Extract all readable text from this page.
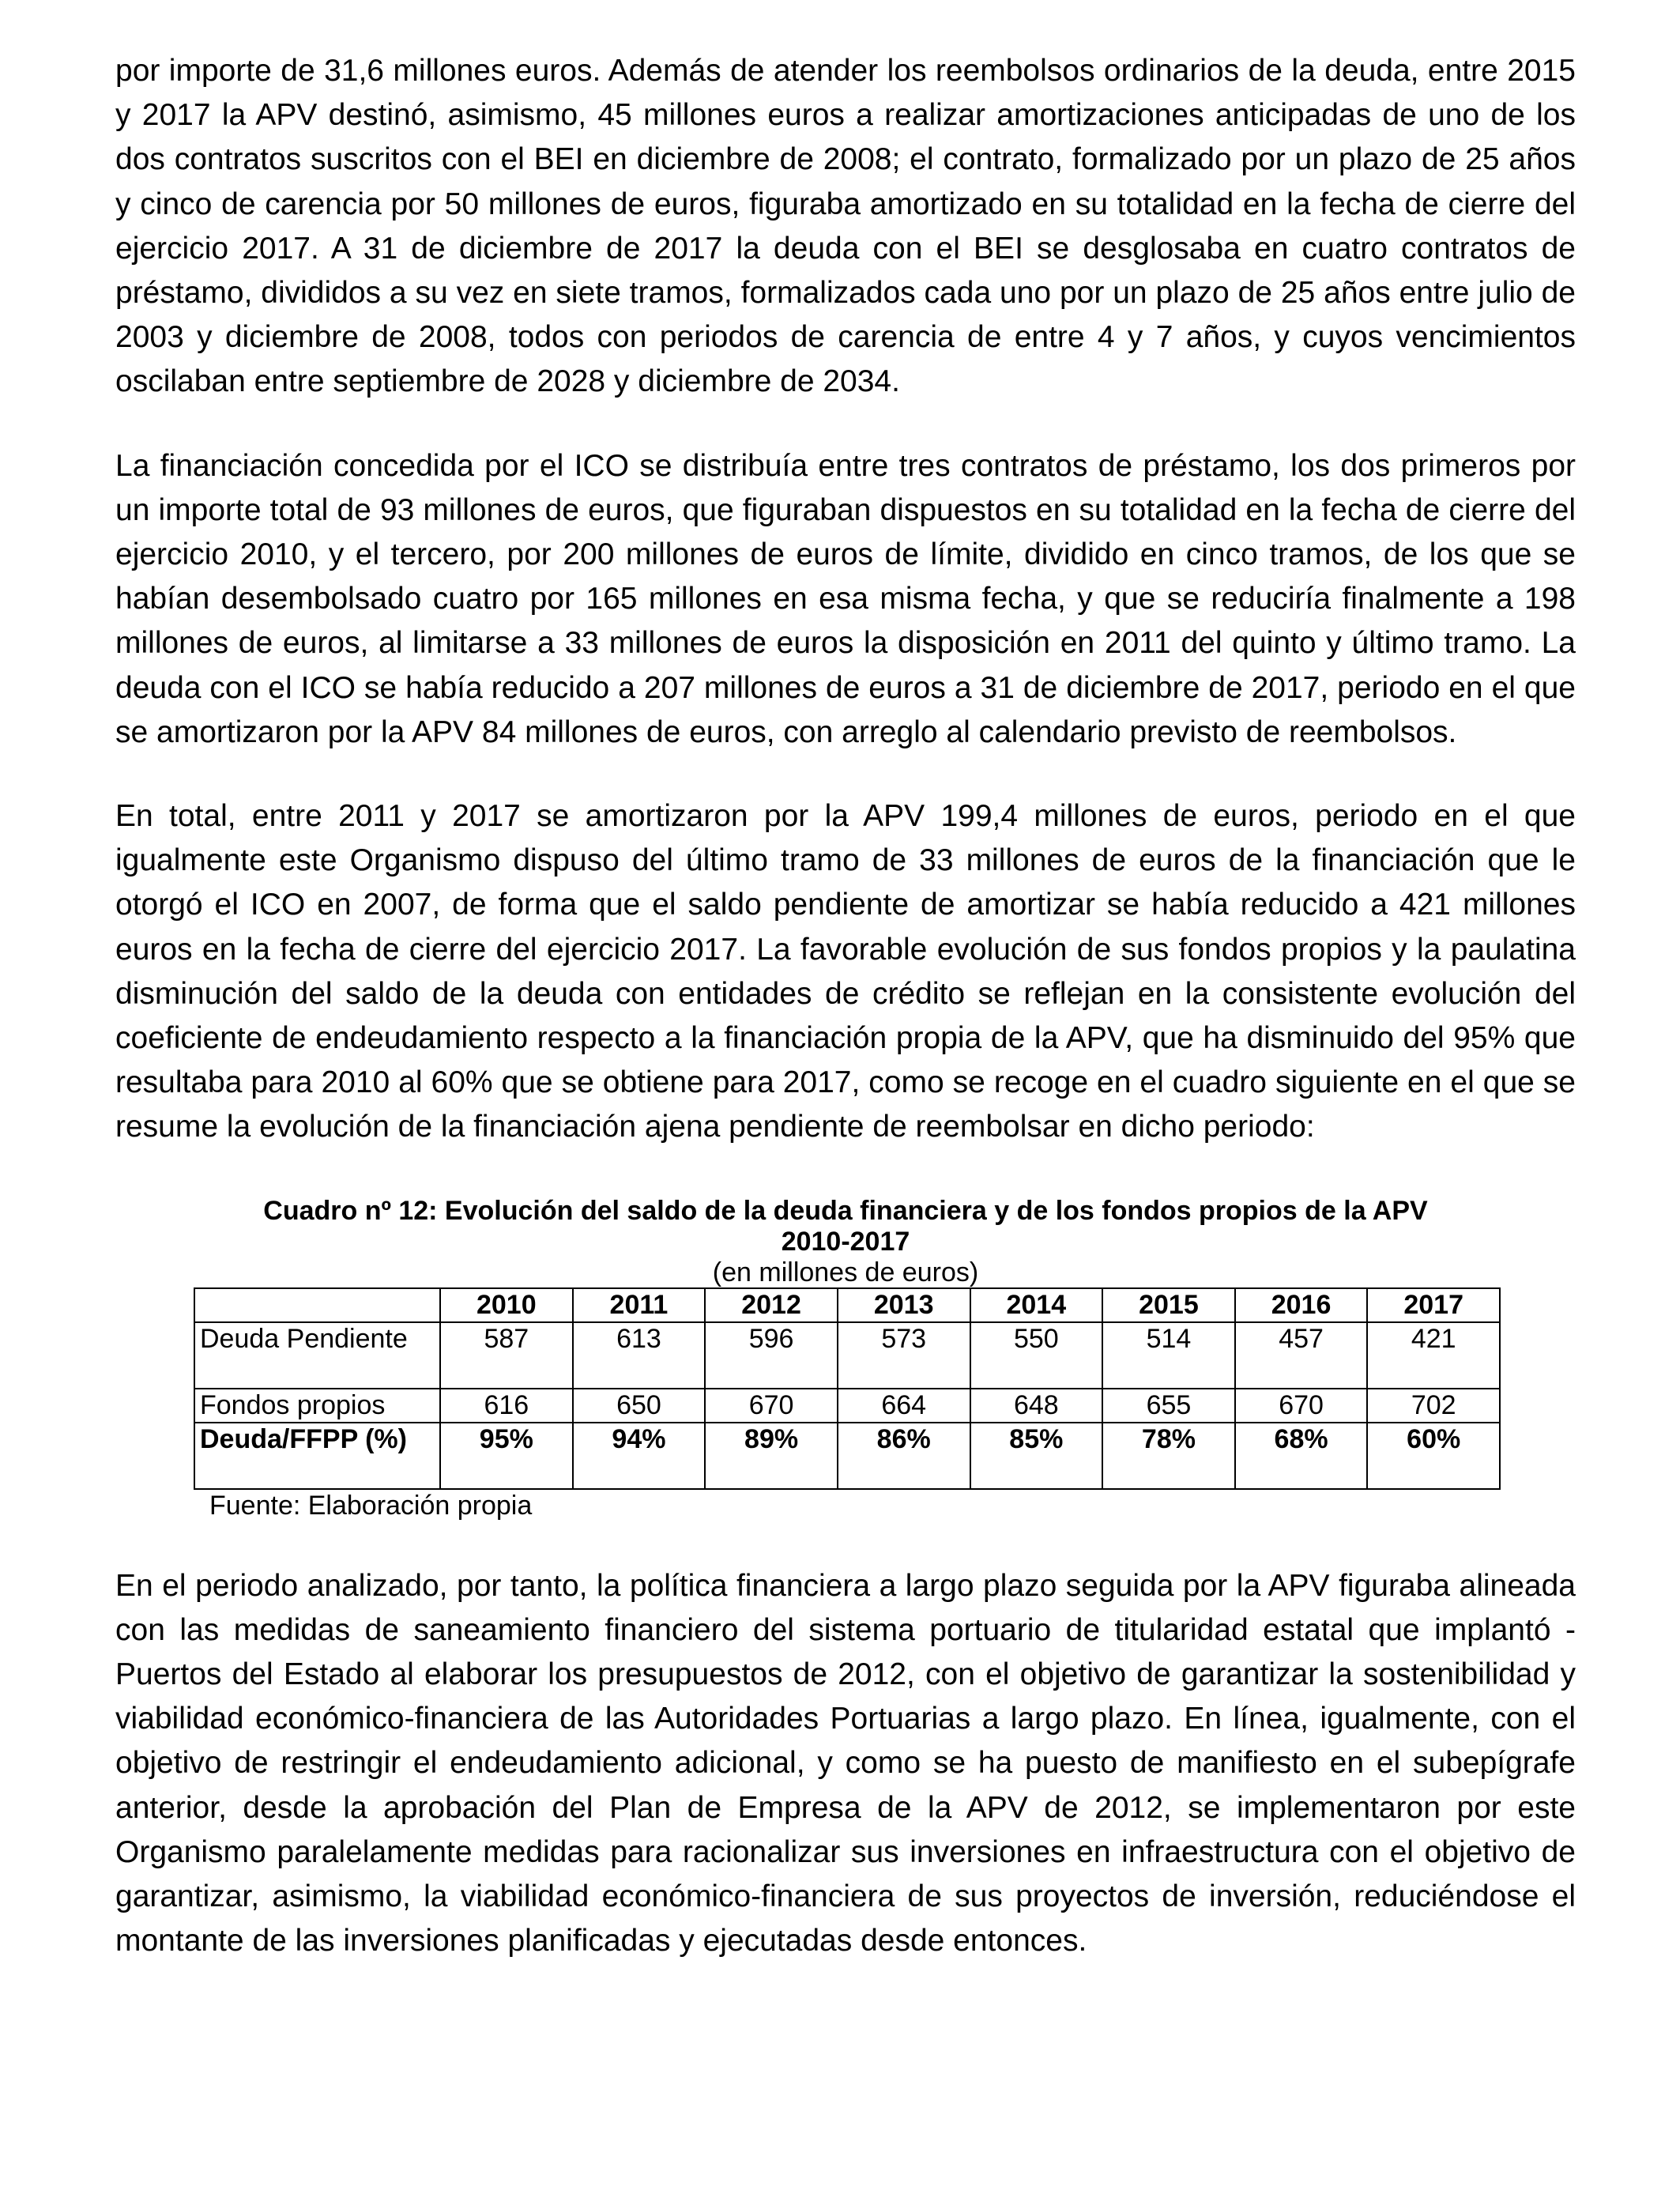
por importe de 31,6 millones euros. Además de atender los reembolsos ordinarios de la deuda, entre 2015 y 2017 la APV destinó, asimismo, 45 millones euros a realizar amortizaciones anticipadas de uno de los dos contratos suscritos con el BEI en diciembre de 2008; el contrato, formalizado por un plazo de 25 años y cinco de carencia por 50 millones de euros, figuraba amortizado en su totalidad en la fecha de cierre del ejercicio 2017. A 31 de diciembre de 2017 la deuda con el BEI se desglosaba en cuatro contratos de préstamo, divididos a su vez en siete tramos, formalizados cada uno por un plazo de 25 años entre julio de 2003 y diciembre de 2008, todos con periodos de carencia de entre 4 y 7 años, y cuyos vencimientos oscilaban entre septiembre de 2028 y diciembre de 2034.

La financiación concedida por el ICO se distribuía entre tres contratos de préstamo, los dos primeros por un importe total de 93 millones de euros, que figuraban dispuestos en su totalidad en la fecha de cierre del ejercicio 2010, y el tercero, por 200 millones de euros de límite, dividido en cinco tramos, de los que se habían desembolsado cuatro por 165 millones en esa misma fecha, y que se reduciría finalmente a 198 millones de euros, al limitarse a 33 millones de euros la disposición en 2011 del quinto y último tramo. La deuda con el ICO se había reducido a 207 millones de euros a 31 de diciembre de 2017, periodo en el que se amortizaron por la APV 84 millones de euros, con arreglo al calendario previsto de reembolsos.

En total, entre 2011 y 2017 se amortizaron por la APV 199,4 millones de euros, periodo en el que igualmente este Organismo dispuso del último tramo de 33 millones de euros de la financiación que le otorgó el ICO en 2007, de forma que el saldo pendiente de amortizar se había reducido a 421 millones euros en la fecha de cierre del ejercicio 2017. La favorable evolución de sus fondos propios y la paulatina disminución del saldo de la deuda con entidades de crédito se reflejan en la consistente evolución del coeficiente de endeudamiento respecto a la financiación propia de la APV, que ha disminuido del 95% que resultaba para 2010 al 60% que se obtiene para 2017, como se recoge en el cuadro siguiente en el que se resume la evolución de la financiación ajena pendiente de reembolsar en dicho periodo:

Cuadro nº 12: Evolución del saldo de la deuda financiera y de los fondos propios de la APV
2010-2017
(en millones de euros)
	2010	2011	2012	2013	2014	2015	2016	2017
Deuda Pendiente	587	613	596	573	550	514	457	421
Fondos propios	616	650	670	664	648	655	670	702
Deuda/FFPP (%)	95%	94%	89%	86%	85%	78%	68%	60%
Fuente: Elaboración propia

En el periodo analizado, por tanto, la política financiera a largo plazo seguida por la APV figuraba alineada con las medidas de saneamiento financiero del sistema portuario de titularidad estatal que implantó - Puertos del Estado al elaborar los presupuestos de 2012, con el objetivo de garantizar la sostenibilidad y viabilidad económico-financiera de las Autoridades Portuarias a largo plazo. En línea, igualmente, con el objetivo de restringir el endeudamiento adicional, y como se ha puesto de manifiesto en el subepígrafe anterior, desde la aprobación del Plan de Empresa de la APV de 2012, se implementaron por este Organismo paralelamente medidas para racionalizar sus inversiones en infraestructura con el objetivo de garantizar, asimismo, la viabilidad económico-financiera de sus proyectos de inversión, reduciéndose el montante de las inversiones planificadas y ejecutadas desde entonces.
